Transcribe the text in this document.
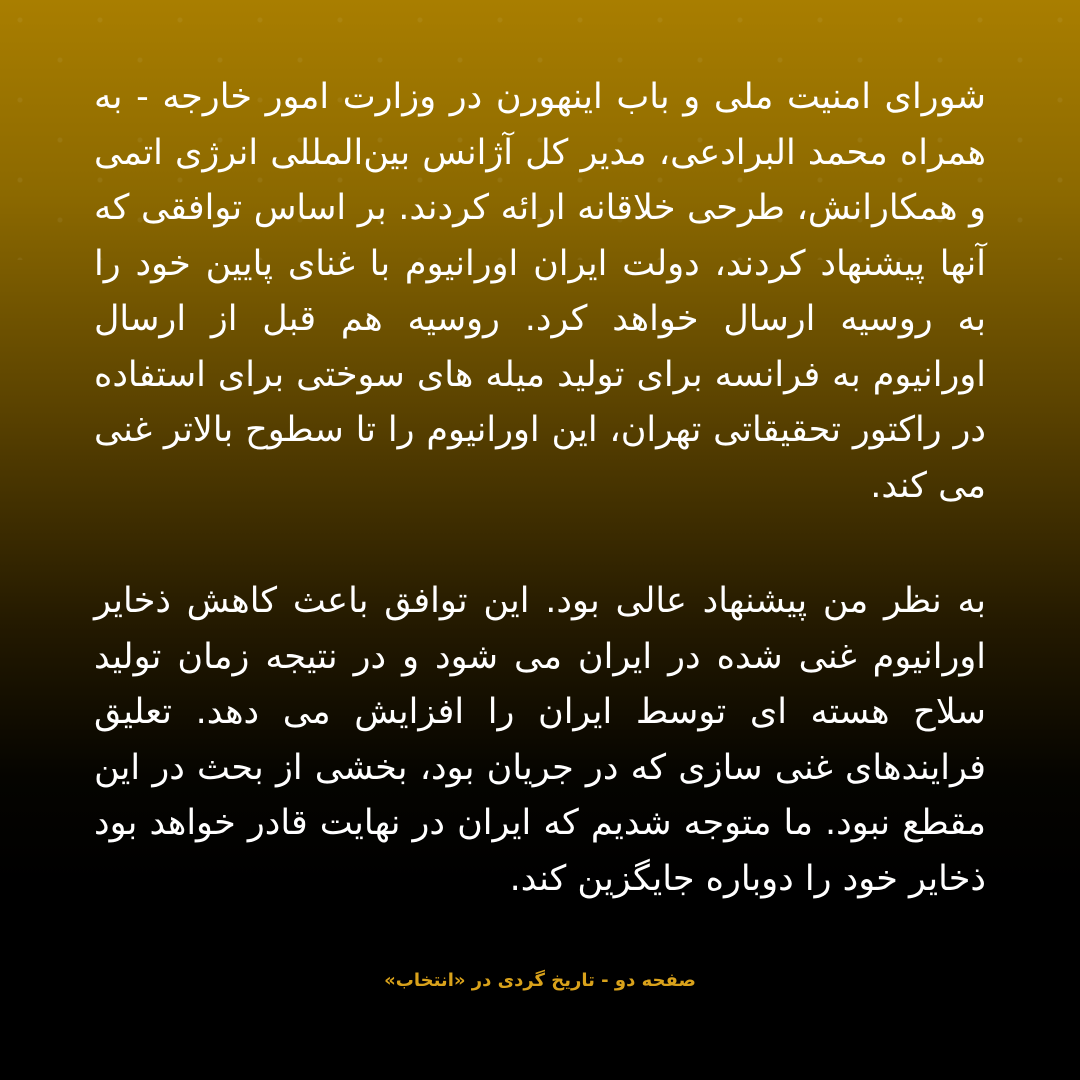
شورای امنیت ملی و باب اینهورن در وزارت امور خارجه - به همراه محمد البرادعی، مدیر کل آژانس بین‌المللی انرژی اتمی و همکارانش، طرحی خلاقانه ارائه کردند. بر اساس توافقی که آنها پیشنهاد کردند، دولت ایران اورانیوم با غنای پایین خود را به روسیه ارسال خواهد کرد. روسیه هم قبل از ارسال اورانیوم به فرانسه برای تولید میله های سوختی برای استفاده در راکتور تحقیقاتی تهران، این اورانیوم را تا سطوح بالاتر غنی می کند.

به نظر من پیشنهاد عالی بود. این توافق باعث کاهش ذخایر اورانیوم غنی شده در ایران می شود و در نتیجه زمان تولید سلاح هسته ای توسط ایران را افزایش می دهد. تعلیق فرایندهای غنی سازی که در جریان بود، بخشی از بحث در این مقطع نبود. ما متوجه شدیم که ایران در نهایت قادر خواهد بود ذخایر خود را دوباره جایگزین کند.

صفحه دو - تاریخ گردی در «انتخاب»
